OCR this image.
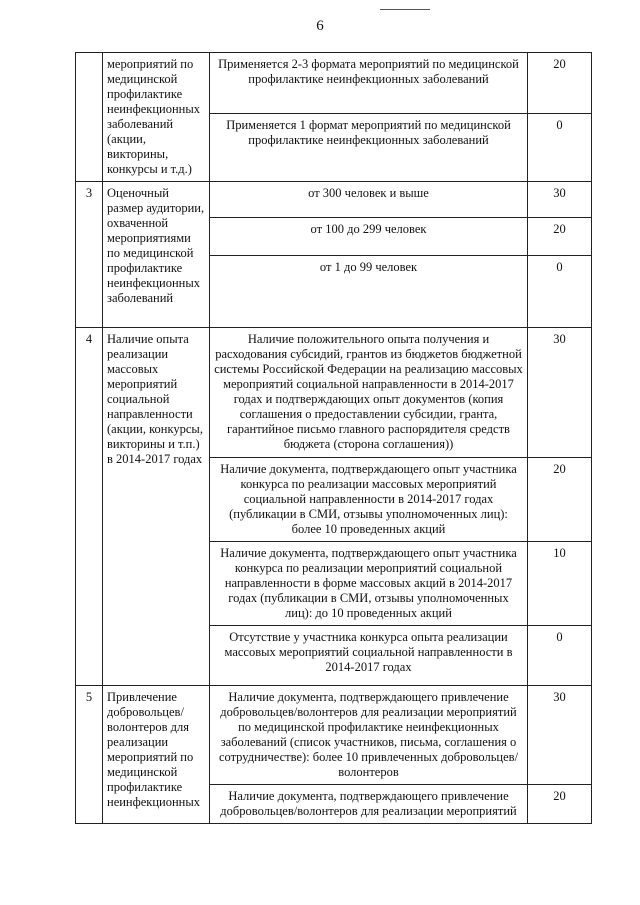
6
	мероприятий по медицинской профилактике неинфекционных заболеваний (акции, викторины, конкурсы и т.д.)	Применяется 2-3 формата мероприятий по медицинской профилактике неинфекционных заболеваний	20
		Применяется 1 формат мероприятий по медицинской профилактике неинфекционных заболеваний	0
3	Оценочный размер аудитории, охваченной мероприятиями по медицинской профилактике неинфекционных заболеваний	от 300 человек и выше	30
		от 100 до 299 человек	20
		от 1 до 99 человек	0
4	Наличие опыта реализации массовых мероприятий социальной направленности (акции, конкурсы, викторины и т.п.) в 2014-2017 годах	Наличие положительного опыта получения и расходования субсидий, грантов из бюджетов бюджетной системы Российской Федерации на реализацию массовых мероприятий социальной направленности в 2014-2017 годах и подтверждающих опыт документов (копия соглашения о предоставлении субсидии, гранта, гарантийное письмо главного распорядителя средств бюджета (сторона соглашения))	30
		Наличие документа, подтверждающего опыт участника конкурса по реализации массовых мероприятий социальной направленности в 2014-2017 годах (публикации в СМИ, отзывы уполномоченных лиц): более 10 проведенных акций	20
		Наличие документа, подтверждающего опыт участника конкурса по реализации мероприятий социальной направленности в форме массовых акций в 2014-2017 годах (публикации в СМИ, отзывы уполномоченных лиц): до 10 проведенных акций	10
		Отсутствие у участника конкурса опыта реализации массовых мероприятий социальной направленности в 2014-2017 годах	0
5	Привлечение добровольцев/ волонтеров для реализации мероприятий по медицинской профилактике неинфекционных	Наличие документа, подтверждающего привлечение добровольцев/волонтеров для реализации мероприятий по медицинской профилактике неинфекционных заболеваний (список участников, письма, соглашения о сотрудничестве): более 10 привлеченных добровольцев/волонтеров	30
		Наличие документа, подтверждающего привлечение добровольцев/волонтеров для реализации мероприятий	20
